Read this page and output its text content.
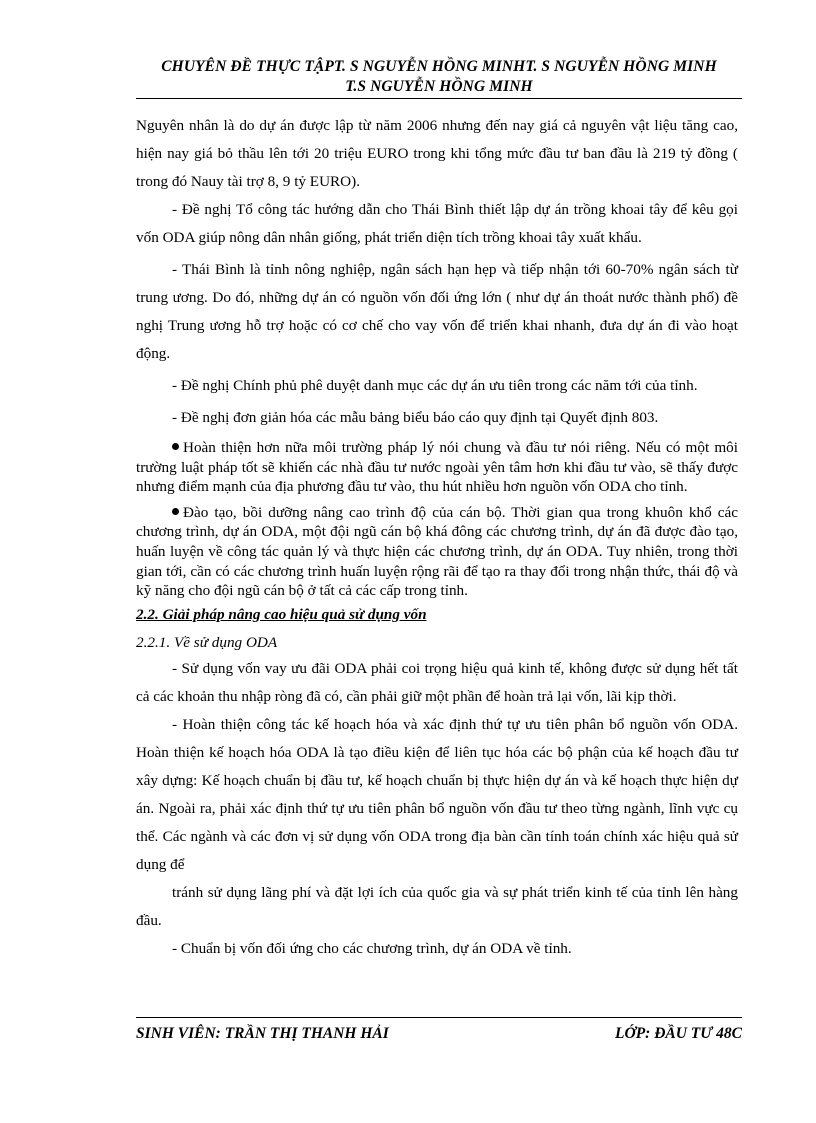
CHUYÊN ĐỀ THỰC TẬPT. S NGUYỄN HỒNG MINHT. S NGUYỄN HỒNG MINH
T.S NGUYỄN HỒNG MINH

Nguyên nhân là do dự án được lập từ năm 2006 nhưng đến nay giá cả nguyên vật liệu tăng cao, hiện nay giá bỏ thầu lên tới 20 triệu EURO trong khi tổng mức đầu tư ban đầu là 219 tỷ đồng ( trong đó Nauy tài trợ 8, 9 tỷ EURO).

- Đề nghị Tổ công tác hướng dẫn cho Thái Bình thiết lập dự án trồng khoai tây để kêu gọi vốn ODA giúp nông dân nhân giống, phát triển diện tích trồng khoai tây xuất khẩu.

- Thái Bình là tỉnh nông nghiệp, ngân sách hạn hẹp và tiếp nhận tới 60-70% ngân sách từ trung ương. Do đó, những dự án có nguồn vốn đối ứng lớn ( như dự án thoát nước thành phố) đề nghị Trung ương hỗ trợ hoặc có cơ chế cho vay vốn để triển khai nhanh, đưa dự án đi vào hoạt động.

- Đề nghị Chính phủ phê duyệt danh mục các dự án ưu tiên trong các năm tới của tỉnh.

- Đề nghị đơn giản hóa các mẫu bảng biểu báo cáo quy định tại Quyết định 803.

Hoàn thiện hơn nữa môi trường pháp lý nói chung và đầu tư nói riêng. Nếu có một môi trường luật pháp tốt sẽ khiến các nhà đầu tư nước ngoài yên tâm hơn khi đầu tư vào, sẽ thấy được nhưng điểm mạnh của địa phương đầu tư vào, thu hút nhiều hơn nguồn vốn ODA cho tỉnh.

Đào tạo, bồi dưỡng nâng cao trình độ của cán bộ. Thời gian qua trong khuôn khổ các chương trình, dự án ODA, một đội ngũ cán bộ khá đông các chương trình, dự án đã được đào tạo, huấn luyện về công tác quản lý và thực hiện các chương trình, dự án ODA. Tuy nhiên, trong thời gian tới, cần có các chương trình huấn luyện rộng rãi để tạo ra thay đổi trong nhận thức, thái độ và kỹ năng cho đội ngũ cán bộ ở tất cả các cấp trong tỉnh.

2.2. Giải pháp nâng cao hiệu quả sử dụng vốn
2.2.1. Về sử dụng ODA

- Sử dụng vốn vay ưu đãi ODA phải coi trọng hiệu quả kinh tế, không được sử dụng hết tất cả các khoản thu nhập ròng đã có, cần phải giữ một phần để hoàn trả lại vốn, lãi kịp thời.

- Hoàn thiện công tác kế hoạch hóa và xác định thứ tự ưu tiên phân bổ nguồn vốn ODA. Hoàn thiện kế hoạch hóa ODA là tạo điều kiện để liên tục hóa các bộ phận của kế hoạch đầu tư xây dựng: Kế hoạch chuẩn bị đầu tư, kế hoạch chuẩn bị thực hiện dự án và kế hoạch thực hiện dự án. Ngoài ra, phải xác định thứ tự ưu tiên phân bổ nguồn vốn đầu tư theo từng ngành, lĩnh vực cụ thể. Các ngành và các đơn vị sử dụng vốn ODA trong địa bàn cần tính toán chính xác hiệu quả sử dụng để

tránh sử dụng lãng phí và đặt lợi ích của quốc gia và sự phát triển kinh tế của tỉnh lên hàng đầu.

- Chuẩn bị vốn đối ứng cho các chương trình, dự án ODA về tỉnh.

SINH VIÊN: TRẦN THỊ THANH HẢI	LỚP: ĐẦU TƯ 48C
